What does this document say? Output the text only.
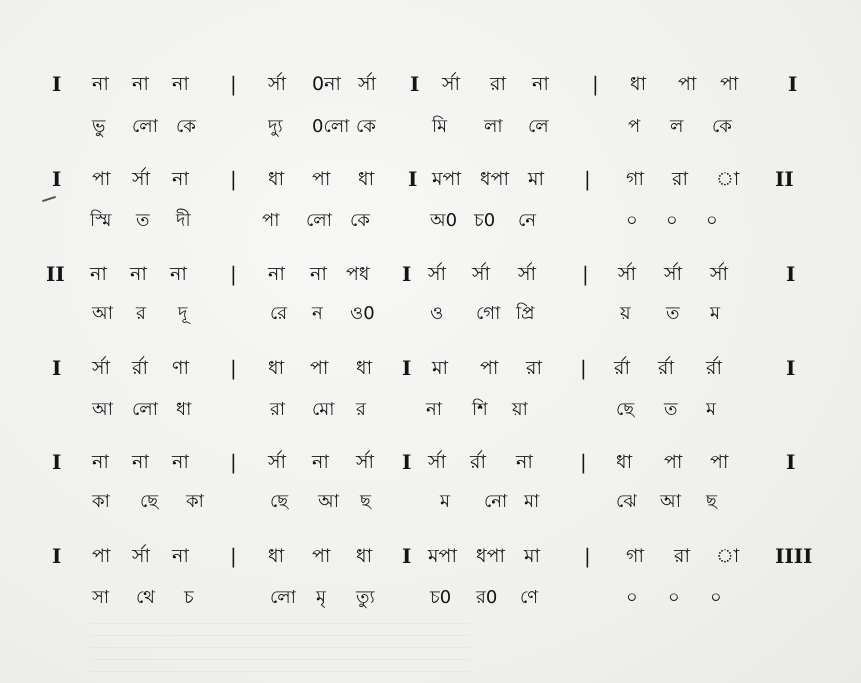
I না না না | র্সা 0না র্সা I র্সা রা না | ধা পা পা I
ভু লো কে	দ্যু 0লো কে	মি লা লে	প ল কে
I পা র্সা না | ধা পা ধা I মপা ধপা মা | গা রা া II
স্মি ত দী	পা লো কে	অ0 চ0 নে	০ ০ ০
II না না না | না না পধ I র্সা র্সা র্সা | র্সা র্সা র্সা	I
আ র দূ	রে ন ও0	ও গো প্রি	য় ত ম
I র্সা র্রা ণা | ধা পা ধা I মা পা রা | র্রা র্রা র্রা	I
আ লো ধা	রা মো র	না শি য়া	ছে ত ম
I না না না | র্সা না র্সা I র্সা র্রা না | ধা পা পা	I
কা ছে কা	ছে আ ছ	ম নো মা	ঝে আ ছ
I পা র্সা না | ধা পা ধা I মপা ধপা মা | গা রা া IIII
সা থে চ	লো মৃ ত্যু	চ0 র0 ণে	০ ০ ০
